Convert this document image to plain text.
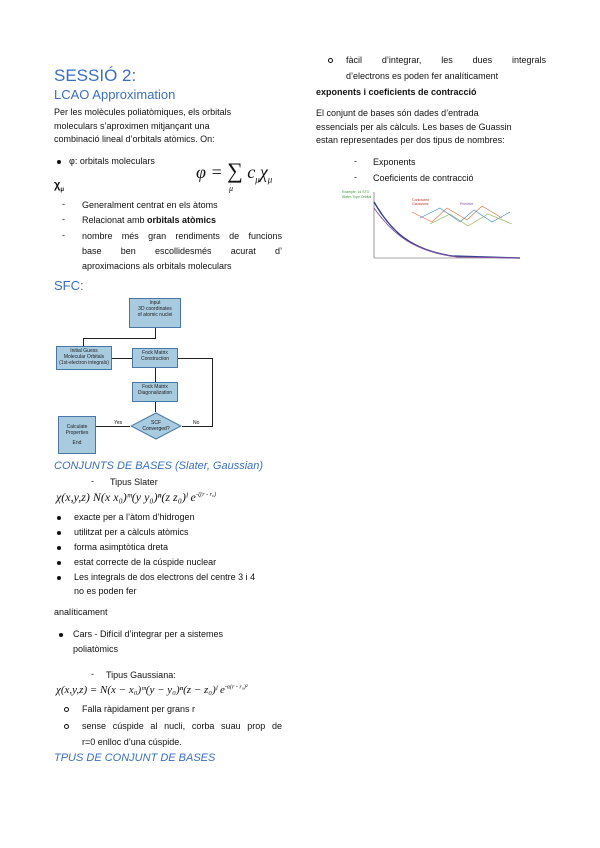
SESSIÓ 2:
LCAO Approximation
Per les molècules poliatòmiques, els orbitals
moleculars s’aproximen mitjançant una
combinació lineal d’orbitals atòmics. On:
φ: orbitals moleculars
φ = ∑ $c_\mu\chi_\mu$
μ
$\chi_\mu$
- Generalment centrat en els àtoms
- Relacionat amb orbitals atòmics
- nombre més gran rendiments de funcions
base ben escollidesmés acurat d’
aproximacions als orbitals moleculars
SFC:
Input
3D coordinates
of atomic nuclei
Initial Guess
Molecular Orbitals
(1st-electron integrals)
Fock Matrix
Construction
Fock Matrix
Diagonalization
SCF
Converged?
Yes	No

Calculate
Properties

End

CONJUNTS DE BASES (Slater, Gaussian)
- Tipus Slater
χ(x,y,z) N(x x₀)ᵐ(y y₀)ⁿ(z z₀)ˡ $e^{-\zeta(r - r_0)}$
exacte per a l’àtom d’hidrogen
utilitzat per a càlculs atòmics
forma asimptòtica dreta
estat correcte de la cúspide nuclear
Les integrals de dos electrons del centre 3 i 4
no es poden fer
analíticament
Cars - Difícil d’integrar per a sistemes
poliatòmics
- Tipus Gaussiana:
χ(x,y,z) = N(x − x₀)ᵐ(y − y₀)ⁿ(z − z₀)ˡ $e^{-\alpha(r - r_0)^2}$
Falla ràpidament per grans r
sense cúspide al nucli, corba suau prop de
r=0 enlloc d’una cúspide.
TPUS DE CONJUNT DE BASES
fàcil d’integrar, les dues integrals
d’electrons es poden fer analíticament
exponents i coeficients de contracció
El conjunt de bases són dades d’entrada
essencials per als càlculs. Les bases de Guassin
estan representades per dos tipus de nombres:
- Exponents
- Coeficients de contracció
Example: 1s STO
Slater-Type Orbital
Contracted
Gaussians	Primitive
